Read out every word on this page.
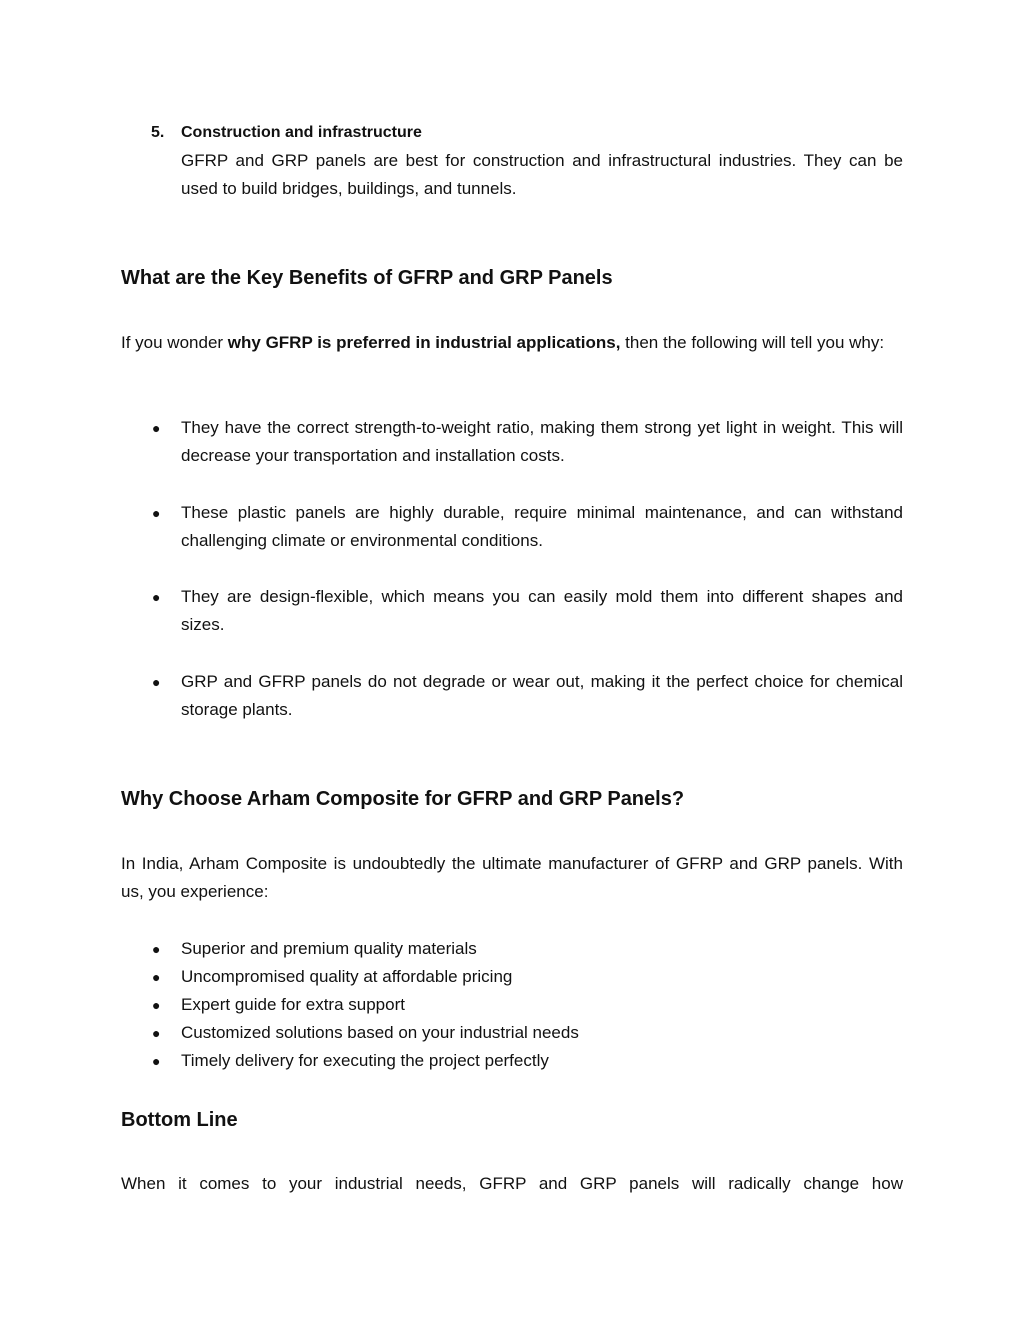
5. Construction and infrastructure
GFRP and GRP panels are best for construction and infrastructural industries. They can be used to build bridges, buildings, and tunnels.
What are the Key Benefits of GFRP and GRP Panels
If you wonder why GFRP is preferred in industrial applications, then the following will tell you why:
● They have the correct strength-to-weight ratio, making them strong yet light in weight. This will decrease your transportation and installation costs.
● These plastic panels are highly durable, require minimal maintenance, and can withstand challenging climate or environmental conditions.
● They are design-flexible, which means you can easily mold them into different shapes and sizes.
● GRP and GFRP panels do not degrade or wear out, making it the perfect choice for chemical storage plants.
Why Choose Arham Composite for GFRP and GRP Panels?
In India, Arham Composite is undoubtedly the ultimate manufacturer of GFRP and GRP panels. With us, you experience:
● Superior and premium quality materials
● Uncompromised quality at affordable pricing
● Expert guide for extra support
● Customized solutions based on your industrial needs
● Timely delivery for executing the project perfectly
Bottom Line
When it comes to your industrial needs, GFRP and GRP panels will radically change how
